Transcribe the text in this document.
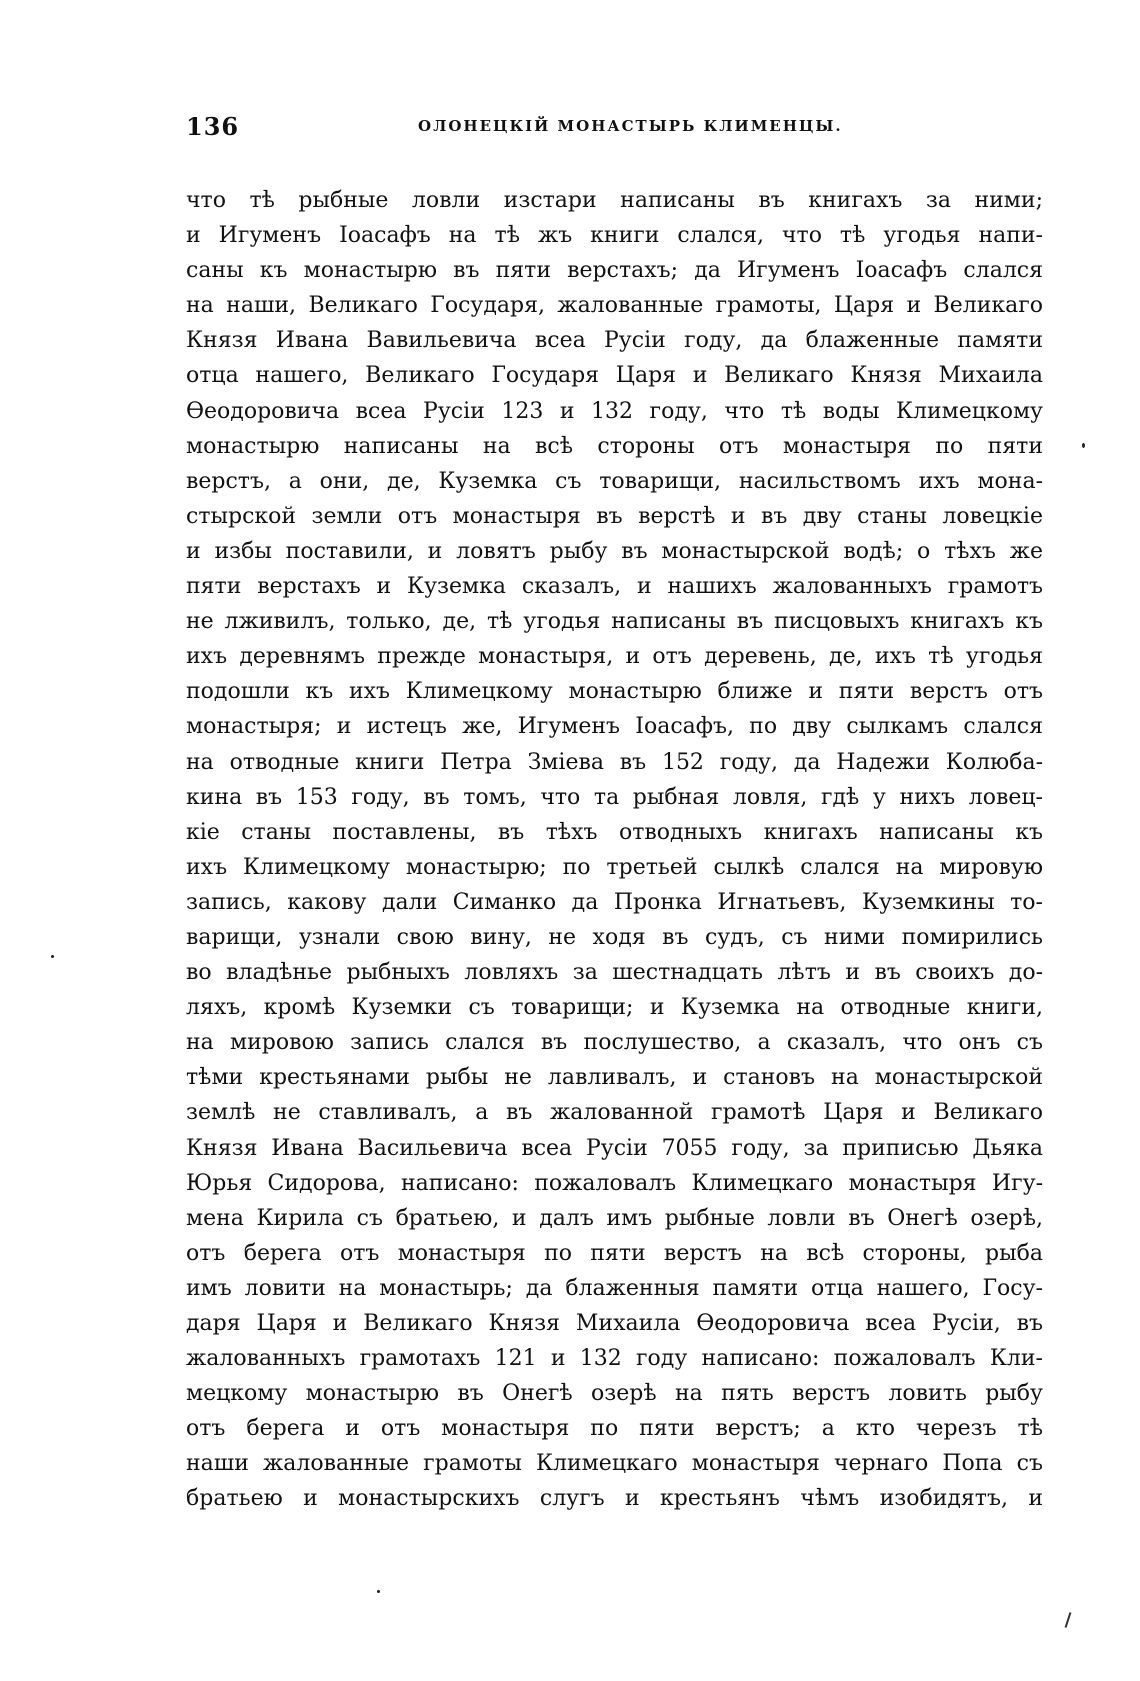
136	ОЛОНЕЦКІЙ МОНАСТЫРЬ КЛИМЕНЦЫ.
что тѣ рыбные ловли изстари написаны въ книгахъ за ними;
и Игуменъ Іоасафъ на тѣ жъ книги слался, что тѣ угодья напи-
саны къ монастырю въ пяти верстахъ; да Игуменъ Іоасафъ слался
на наши, Великаго Государя, жалованные грамоты, Царя и Великаго
Князя Ивана Вавильевича всеа Русіи году, да блаженные памяти
отца нашего, Великаго Государя Царя и Великаго Князя Михаила
Ѳеодоровича всеа Русіи 123 и 132 году, что тѣ воды Климецкому
монастырю написаны на всѣ стороны отъ монастыря по пяти
верстъ, а они, де, Куземка съ товарищи, насильствомъ ихъ мона-
стырской земли отъ монастыря въ верстѣ и въ дву станы ловецкіе
и избы поставили, и ловятъ рыбу въ монастырской водѣ; о тѣхъ же
пяти верстахъ и Куземка сказалъ, и нашихъ жалованныхъ грамотъ
не лживилъ, только, де, тѣ угодья написаны въ писцовыхъ книгахъ къ
ихъ деревнямъ прежде монастыря, и отъ деревень, де, ихъ тѣ угодья
подошли къ ихъ Климецкому монастырю ближе и пяти верстъ отъ
монастыря; и истецъ же, Игуменъ Іоасафъ, по дву сылкамъ слался
на отводные книги Петра Зміева въ 152 году, да Надежи Колюба-
кина въ 153 году, въ томъ, что та рыбная ловля, гдѣ у нихъ ловец-
кіе станы поставлены, въ тѣхъ отводныхъ книгахъ написаны къ
ихъ Климецкому монастырю; по третьей сылкѣ слался на мировую
запись, какову дали Симанко да Пронка Игнатьевъ, Куземкины то-
варищи, узнали свою вину, не ходя въ судъ, съ ними помирились
во владѣнье рыбныхъ ловляхъ за шестнадцать лѣтъ и въ своихъ до-
ляхъ, кромѣ Куземки съ товарищи; и Куземка на отводные книги,
на мировою запись слался въ послушество, а сказалъ, что онъ съ
тѣми крестьянами рыбы не лавливалъ, и становъ на монастырской
землѣ не ставливалъ, а въ жалованной грамотѣ Царя и Великаго
Князя Ивана Васильевича всеа Русіи 7055 году, за приписью Дьяка
Юрья Сидорова, написано: пожаловалъ Климецкаго монастыря Игу-
мена Кирила съ братьею, и далъ имъ рыбные ловли въ Онегѣ озерѣ,
отъ берега отъ монастыря по пяти верстъ на всѣ стороны, рыба
имъ ловити на монастырь; да блаженныя памяти отца нашего, Госу-
даря Царя и Великаго Князя Михаила Ѳеодоровича всеа Русіи, въ
жалованныхъ грамотахъ 121 и 132 году написано: пожаловалъ Кли-
мецкому монастырю въ Онегѣ озерѣ на пять верстъ ловить рыбу
отъ берега и отъ монастыря по пяти верстъ; а кто черезъ тѣ
наши жалованные грамоты Климецкаго монастыря чернаго Попа съ
братьею и монастырскихъ слугъ и крестьянъ чѣмъ изобидятъ, и
